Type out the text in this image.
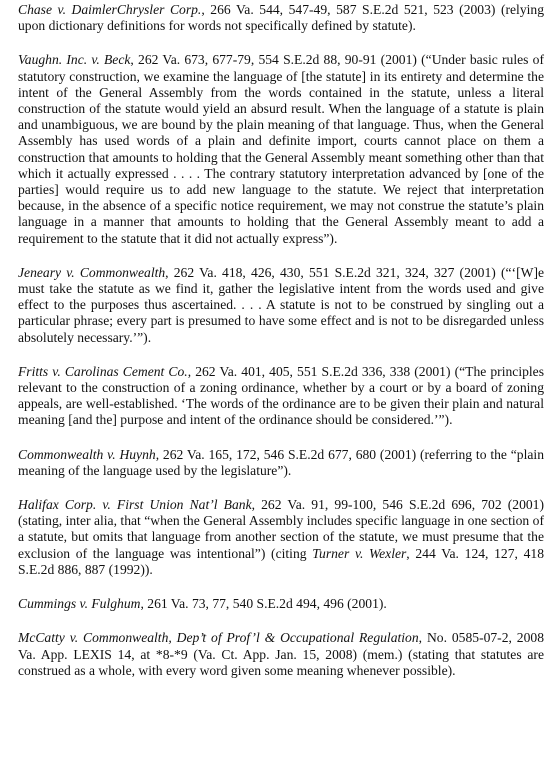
Chase v. DaimlerChrysler Corp., 266 Va. 544, 547-49, 587 S.E.2d 521, 523 (2003) (relying upon dictionary definitions for words not specifically defined by statute).

Vaughn. Inc. v. Beck, 262 Va. 673, 677-79, 554 S.E.2d 88, 90-91 (2001) (“Under basic rules of statutory construction, we examine the language of [the statute] in its entirety and determine the intent of the General Assembly from the words contained in the statute, unless a literal construction of the statute would yield an absurd result. When the language of a statute is plain and unambiguous, we are bound by the plain meaning of that language. Thus, when the General Assembly has used words of a plain and definite import, courts cannot place on them a construction that amounts to holding that the General Assembly meant something other than that which it actually expressed . . . . The contrary statutory interpretation advanced by [one of the parties] would require us to add new language to the statute. We reject that interpretation because, in the absence of a specific notice requirement, we may not construe the statute’s plain language in a manner that amounts to holding that the General Assembly meant to add a requirement to the statute that it did not actually express”).

Jeneary v. Commonwealth, 262 Va. 418, 426, 430, 551 S.E.2d 321, 324, 327 (2001) (“‘[W]e must take the statute as we find it, gather the legislative intent from the words used and give effect to the purposes thus ascertained. . . . A statute is not to be construed by singling out a particular phrase; every part is presumed to have some effect and is not to be disregarded unless absolutely necessary.’”).

Fritts v. Carolinas Cement Co., 262 Va. 401, 405, 551 S.E.2d 336, 338 (2001) (“The principles relevant to the construction of a zoning ordinance, whether by a court or by a board of zoning appeals, are well-established. ‘The words of the ordinance are to be given their plain and natural meaning [and the] purpose and intent of the ordinance should be considered.’”).

Commonwealth v. Huynh, 262 Va. 165, 172, 546 S.E.2d 677, 680 (2001) (referring to the “plain meaning of the language used by the legislature”).

Halifax Corp. v. First Union Nat’l Bank, 262 Va. 91, 99-100, 546 S.E.2d 696, 702 (2001) (stating, inter alia, that “when the General Assembly includes specific language in one section of a statute, but omits that language from another section of the statute, we must presume that the exclusion of the language was intentional”) (citing Turner v. Wexler, 244 Va. 124, 127, 418 S.E.2d 886, 887 (1992)).

Cummings v. Fulghum, 261 Va. 73, 77, 540 S.E.2d 494, 496 (2001).

McCatty v. Commonwealth, Dep’t of Prof’l & Occupational Regulation, No. 0585-07-2, 2008 Va. App. LEXIS 14, at *8-*9 (Va. Ct. App. Jan. 15, 2008) (mem.) (stating that statutes are construed as a whole, with every word given some meaning whenever possible).
